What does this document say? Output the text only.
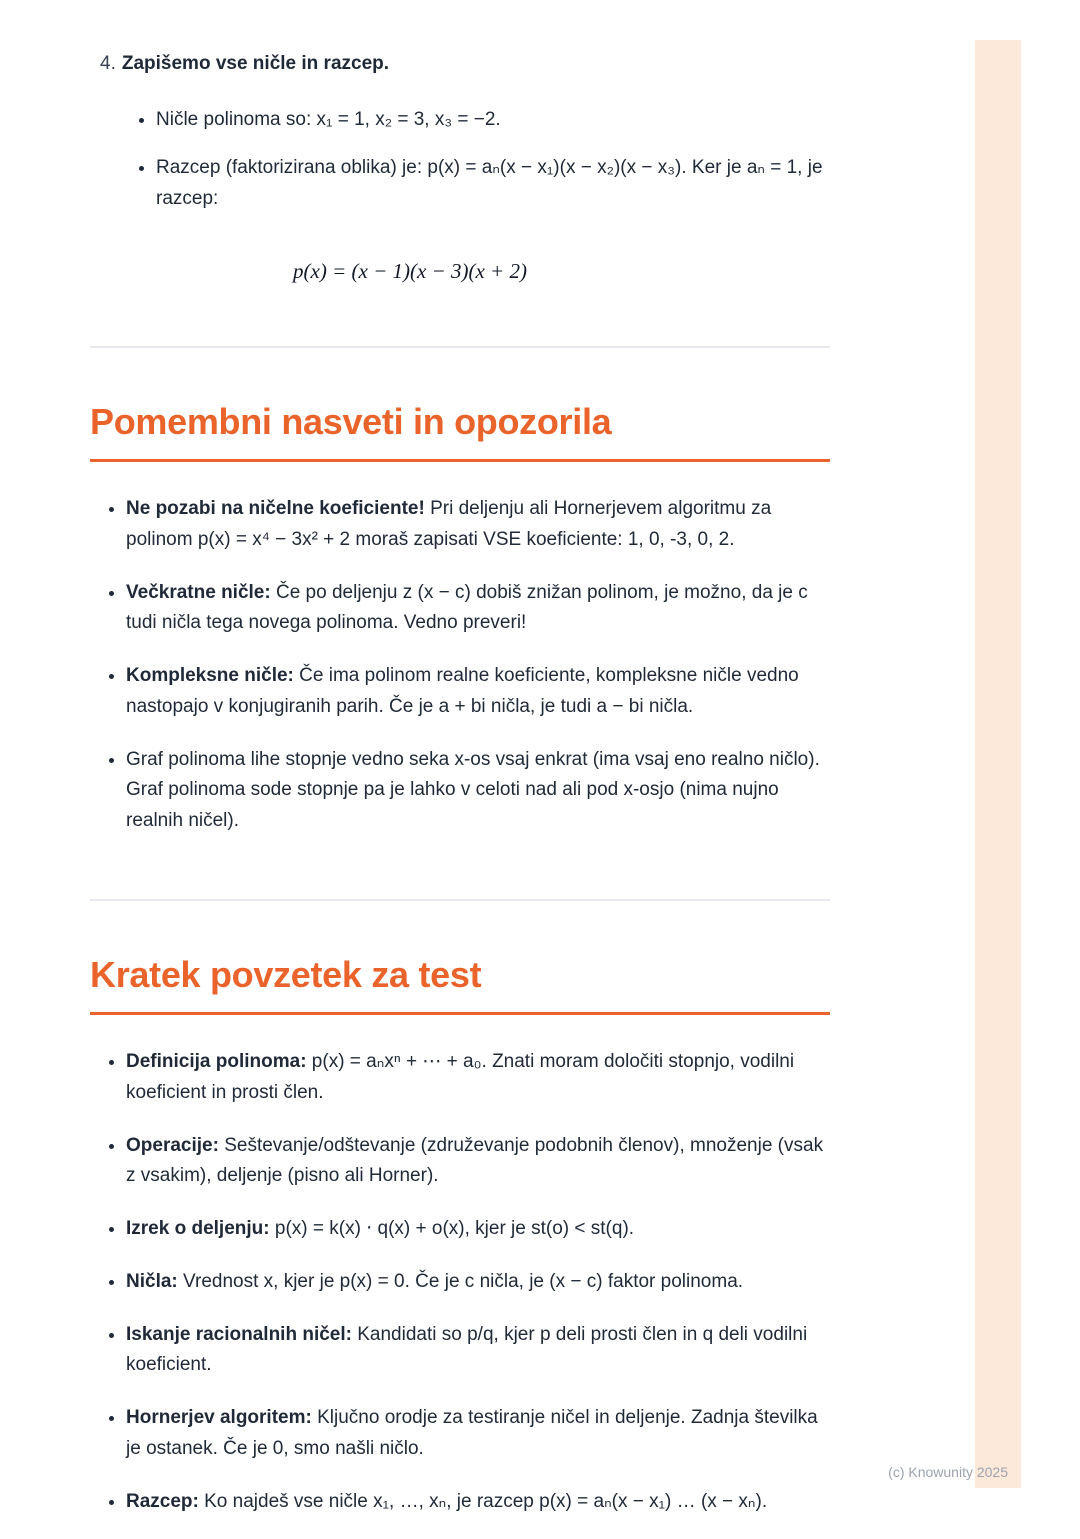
4. Zapišemo vse ničle in razcep.
• Ničle polinoma so: x₁ = 1, x₂ = 3, x₃ = −2.
• Razcep (faktorizirana oblika) je: p(x) = aₙ(x − x₁)(x − x₂)(x − x₃). Ker je aₙ = 1, je razcep:
p(x) = (x − 1)(x − 3)(x + 2)
Pomembni nasveti in opozorila
• Ne pozabi na ničelne koeficiente! Pri deljenju ali Hornerjevem algoritmu za polinom p(x) = x⁴ − 3x² + 2 moraš zapisati VSE koeficiente: 1, 0, -3, 0, 2.
• Večkratne ničle: Če po deljenju z (x − c) dobiš znižan polinom, je možno, da je c tudi ničla tega novega polinoma. Vedno preveri!
• Kompleksne ničle: Če ima polinom realne koeficiente, kompleksne ničle vedno nastopajo v konjugiranih parih. Če je a + bi ničla, je tudi a − bi ničla.
• Graf polinoma lihe stopnje vedno seka x-os vsaj enkrat (ima vsaj eno realno ničlo). Graf polinoma sode stopnje pa je lahko v celoti nad ali pod x-osjo (nima nujno realnih ničel).
Kratek povzetek za test
• Definicija polinoma: p(x) = aₙxⁿ + ⋯ + a₀. Znati moram določiti stopnjo, vodilni koeficient in prosti člen.
• Operacije: Seštevanje/odštevanje (združevanje podobnih členov), množenje (vsak z vsakim), deljenje (pisno ali Horner).
• Izrek o deljenju: p(x) = k(x) ⋅ q(x) + o(x), kjer je st(o) < st(q).
• Ničla: Vrednost x, kjer je p(x) = 0. Če je c ničla, je (x − c) faktor polinoma.
• Iskanje racionalnih ničel: Kandidati so p/q, kjer p deli prosti člen in q deli vodilni koeficient.
• Hornerjev algoritem: Ključno orodje za testiranje ničel in deljenje. Zadnja številka je ostanek. Če je 0, smo našli ničlo.
• Razcep: Ko najdeš vse ničle x₁, …, xₙ, je razcep p(x) = aₙ(x − x₁) … (x − xₙ).
(c) Knowunity 2025
